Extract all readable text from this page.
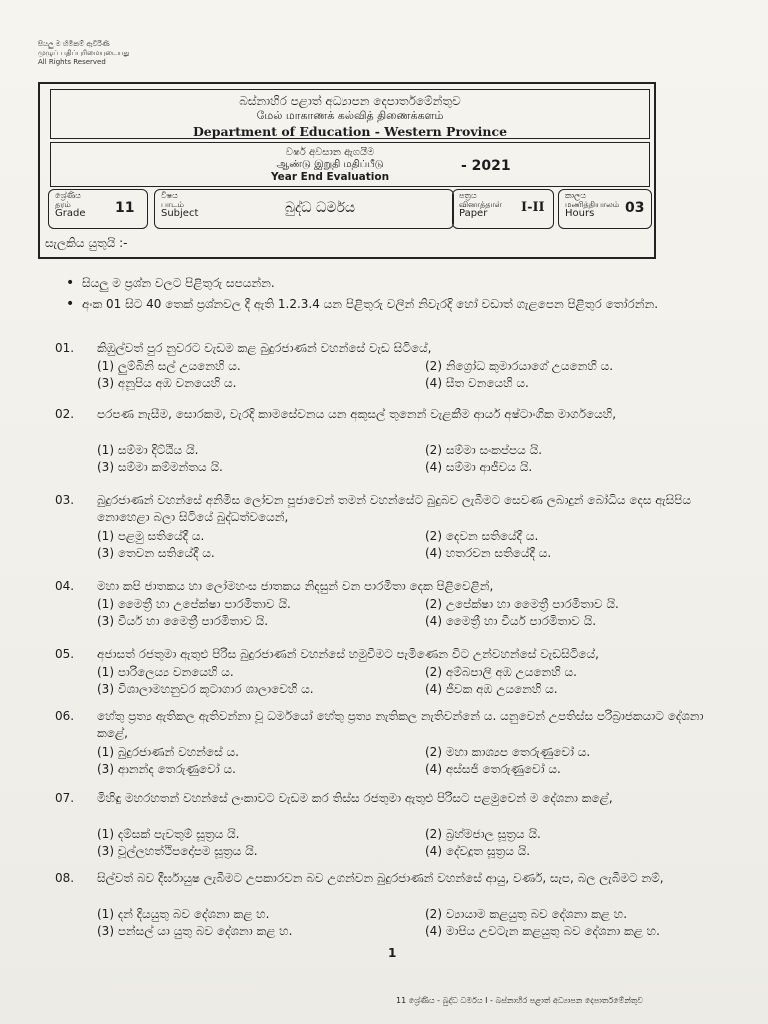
සියලු ම හිමිකම් ඇවිරිණි
முழுப் பதிப்புரிமையுடையது
All Rights Reserved
බස්නාහිර පළාත් අධ්‍යාපන දෙපාර්තමේන්තුව
மேல் மாகாணக் கல்வித் திணைக்களம்
Department of Education - Western Province
වර්ෂ අවසාන ඇගයීම
ஆண்டு இறுதி மதிப்பீடு
Year End Evaluation
- 2021
ශ්‍රේණිය
தரம்
Grade 11
විෂය
பாடம்
Subject	බුද්ධ ධර්මය
පත්‍රය
வினாத்தாள்
Paper	I-II
කාලය
மணித்தியாலம்
Hours	03
සැලකිය යුතුයි :-
• සියලු ම ප්‍රශ්න වලට පිළිතුරු සපයන්න.
• අංක 01 සිට 40 තෙක් ප්‍රශ්නවල දී ඇති 1.2.3.4 යන පිළිතුරු වලින් නිවැරදි හෝ වඩාත් ගැළපෙන පිළිතුර තෝරන්න.
01.	කිඹුල්වත් පුර නුවරට වැඩම කළ බුදුරජාණන් වහන්සේ වැඩ සිටියේ,
(1) ලුම්බිනි සල් උයනෙහි ය.	(2) නිග්‍රෝධ කුමාරයාගේ උයනෙහි ය.
(3) අනූපිය අඹ වනයෙහි ය.	(4) සීත වනයෙහි ය.
02.	පරපණ නැසීම, සොරකම, වැරදි කාමසේවනය යන අකුසල් තුනෙන් වැළකීම ආර්ය අෂ්ටාංගික මාර්ගයෙහි,
(1) සම්මා දිට්ඨිය යි.	(2) සම්මා සංකප්පය යි.
(3) සම්මා කම්මන්තය යි.	(4) සම්මා ආජීවය යි.
03.	බුදුරජාණන් වහන්සේ අනිමිස ලෝචන පූජාවෙන් තමන් වහන්සේට බුදුබව ලැබීමට සෙවණ ලබාදුන් බෝධිය දෙස ඇසිපිය නොහෙළා බලා සිටියේ බුද්ධත්වයෙන්,
(1) පළමු සතියේදී ය.	(2) දෙවන සතියේදී ය.
(3) තෙවන සතියේදී ය.	(4) හතරවන සතියේදී ය.
04.	මහා කපි ජාතකය හා ලෝමහංස ජාතකය නිදසුන් වන පාරමිතා දෙක පිළිවෙළින්,
(1) මෛත්‍රී හා උපේක්ෂා පාරමිතාව යි.	(2) උපේක්ෂා හා මෛත්‍රී පාරමිතාව යි.
(3) වීර්ය හා මෛත්‍රී පාරමිතාව යි.	(4) මෛත්‍රී හා වීර්ය පාරමිතාව යි.
05.	අජාසත් රජතුමා ඇතුළු පිරිස බුදුරජාණන් වහන්සේ හමුවීමට පැමිණෙන විට උන්වහන්සේ වැඩසිටියේ,
(1) පාරිලෙය්‍ය වනයෙහි ය.	(2) අම්බපාලි අඹ උයනෙහි ය.
(3) විශාලාමහනුවර කූටාගාර ශාලාවෙහි ය.	(4) ජීවක අඹ උයනෙහි ය.
06.	හේතු ප්‍රත්‍ය ඇතිකල ඇතිවන්නා වූ ධර්මයෝ හේතු ප්‍රත්‍ය නැතිකල නැතිවන්නේ ය. යනුවෙන් උපතිස්ස පරිබ්‍රාජකයාට දේශනා කළේ,
(1) බුදුරජාණන් වහන්සේ ය.	(2) මහා කාශ්‍යප තෙරුණුවෝ ය.
(3) ආනන්ද තෙරුණුවෝ ය.	(4) අස්සජි තෙරුණුවෝ ය.
07.	මිහිඳු මහරහතන් වහන්සේ ලංකාවට වැඩම කර තිස්ස රජතුමා ඇතුළු පිරිසට පළමුවෙන් ම දේශනා කළේ,
(1) දම්සක් පැවතුම් සූත්‍රය යි.	(2) බ්‍රහ්මජාල සූත්‍රය යි.
(3) චූල්ලහත්ථිපදෝපම සූත්‍රය යි.	(4) දේවදූත සූත්‍රය යි.
08.	සිල්වත් බව දීර්ඝායුෂ ලැබීමට උපකාරවන බව උගන්වන බුදුරජාණන් වහන්සේ ආයු, වර්ණ, සැප, බල ලැබීමට නම්,
(1) දන් දියයුතු බව දේශනා කළ හ.	(2) ව්‍යායාම කළයුතු බව දේශනා කළ හ.
(3) පන්සල් යා යුතු බව දේශනා කළ හ.	(4) මාපිය උවටැන කළයුතු බව දේශනා කළ හ.
1
11 ශ්‍රේණිය - බුද්ධ ධර්මය I - බස්නාහිර පළාත් අධ්‍යාපන දෙපාර්තමේන්තුව
